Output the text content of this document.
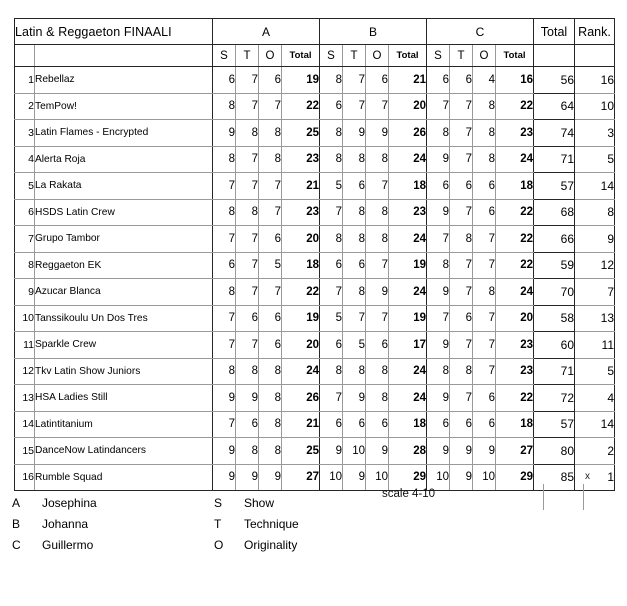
Latin & Reggaeton FINAALI		A				B				C				Total	Rank.
		S	T	O	Total	S	T	O	Total	S	T	O	Total		
1	Rebellaz	6	7	6	19	8	7	6	21	6	6	4	16	56	16
2	TemPow!	8	7	7	22	6	7	7	20	7	7	8	22	64	10
3	Latin Flames - Encrypted	9	8	8	25	8	9	9	26	8	7	8	23	74	3
4	Alerta Roja	8	7	8	23	8	8	8	24	9	7	8	24	71	5
5	La Rakata	7	7	7	21	5	6	7	18	6	6	6	18	57	14
6	HSDS Latin Crew	8	8	7	23	7	8	8	23	9	7	6	22	68	8
7	Grupo Tambor	7	7	6	20	8	8	8	24	7	8	7	22	66	9
8	Reggaeton EK	6	7	5	18	6	6	7	19	8	7	7	22	59	12
9	Azucar Blanca	8	7	7	22	7	8	9	24	9	7	8	24	70	7
10	Tanssikoulu Un Dos Tres	7	6	6	19	5	7	7	19	7	6	7	20	58	13
11	Sparkle Crew	7	7	6	20	6	5	6	17	9	7	7	23	60	11
12	Tkv Latin Show Juniors	8	8	8	24	8	8	8	24	8	8	7	23	71	5
13	HSA Ladies Still	9	9	8	26	7	9	8	24	9	7	6	22	72	4
14	Latintitanium	7	6	8	21	6	6	6	18	6	6	6	18	57	14
15	DanceNow Latindancers	9	8	8	25	9	10	9	28	9	9	9	27	80	2
16	Rumble Squad	9	9	9	27	10	9	10	29	10	9	10	29	85	1
x
scale 4-10
A	Josephina		S	Show
B	Johanna		T	Technique
C	Guillermo		O	Originality
